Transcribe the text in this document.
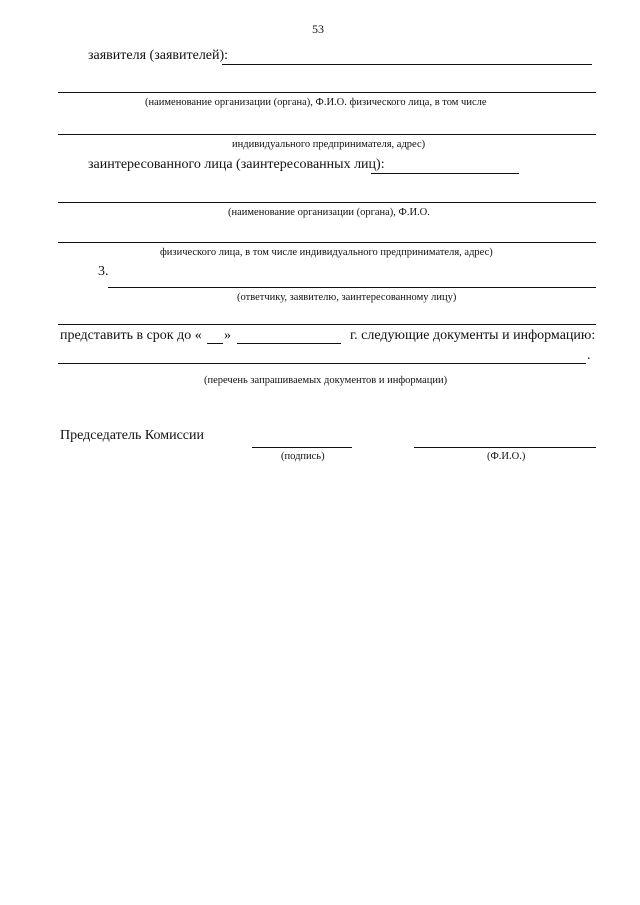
53
заявителя (заявителей):
(наименование организации (органа), Ф.И.О. физического лица, в том числе
индивидуального предпринимателя, адрес)
заинтересованного лица (заинтересованных лиц):
(наименование организации (органа), Ф.И.О.
физического лица, в том числе индивидуального предпринимателя, адрес)
3.
(ответчику, заявителю, заинтересованному лицу)
представить в срок до « »	г. следующие документы и информацию:
.
(перечень запрашиваемых документов и информации)
Председатель Комиссии
(подпись)	(Ф.И.О.)
